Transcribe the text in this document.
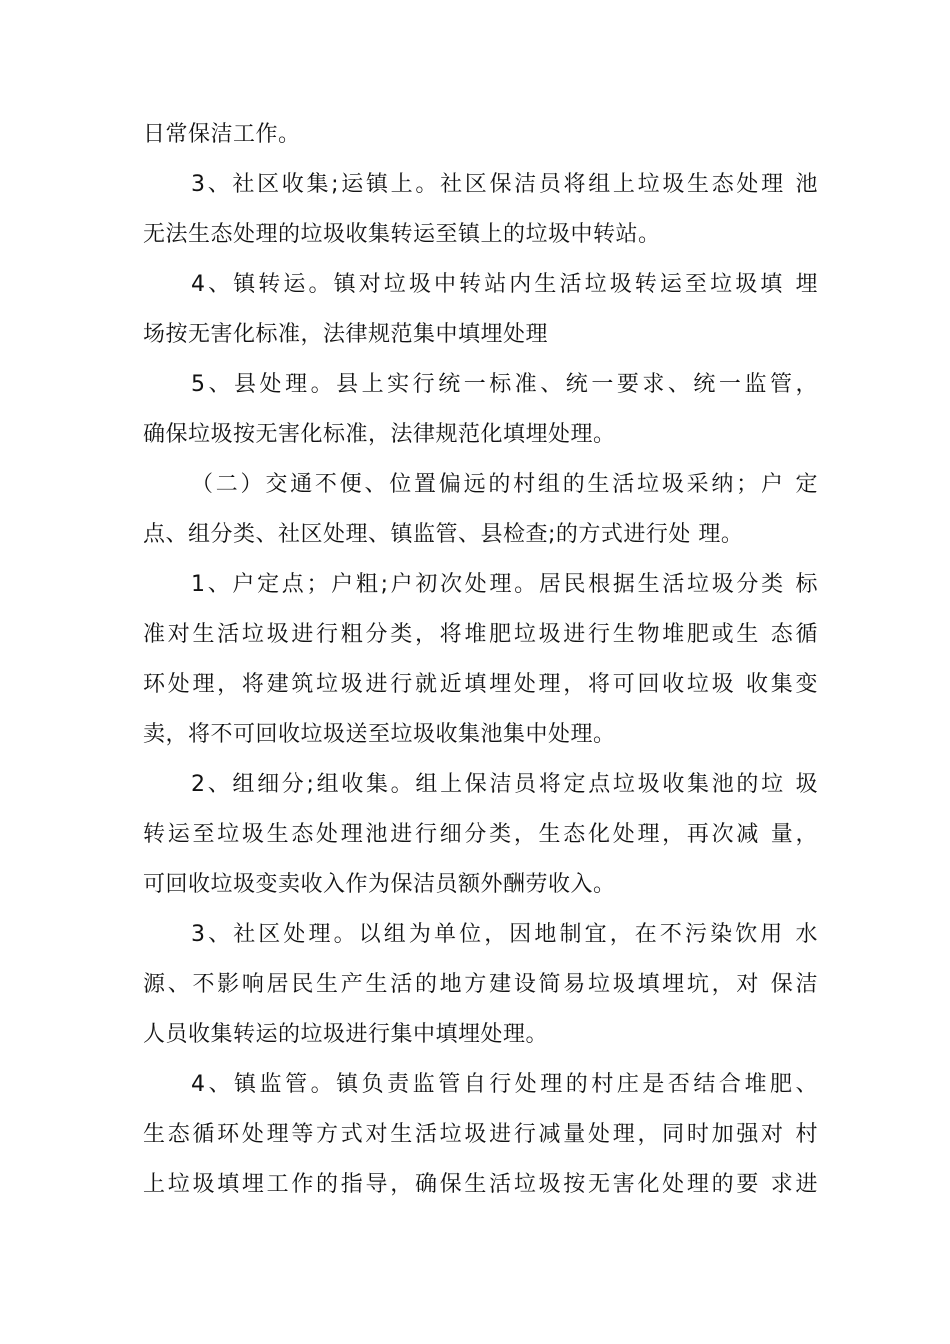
日常保洁工作。
3、社区收集;运镇上。社区保洁员将组上垃圾生态处理 池
无法生态处理的垃圾收集转运至镇上的垃圾中转站。
4、镇转运。镇对垃圾中转站内生活垃圾转运至垃圾填 埋
场按无害化标准，法律规范集中填埋处理
5、县处理。县上实行统一标准、统一要求、统一监管，
确保垃圾按无害化标准，法律规范化填埋处理。
（二）交通不便、位置偏远的村组的生活垃圾采纳；户 定
点、组分类、社区处理、镇监管、县检查;的方式进行处 理。
1、户定点；户粗;户初次处理。居民根据生活垃圾分类 标
准对生活垃圾进行粗分类，将堆肥垃圾进行生物堆肥或生 态循
环处理，将建筑垃圾进行就近填埋处理，将可回收垃圾 收集变
卖，将不可回收垃圾送至垃圾收集池集中处理。
2、组细分;组收集。组上保洁员将定点垃圾收集池的垃 圾
转运至垃圾生态处理池进行细分类，生态化处理，再次减 量，
可回收垃圾变卖收入作为保洁员额外酬劳收入。
3、社区处理。以组为单位，因地制宜，在不污染饮用 水
源、不影响居民生产生活的地方建设简易垃圾填埋坑，对 保洁
人员收集转运的垃圾进行集中填埋处理。
4、镇监管。镇负责监管自行处理的村庄是否结合堆肥、
生态循环处理等方式对生活垃圾进行减量处理，同时加强对 村
上垃圾填埋工作的指导，确保生活垃圾按无害化处理的要 求进
